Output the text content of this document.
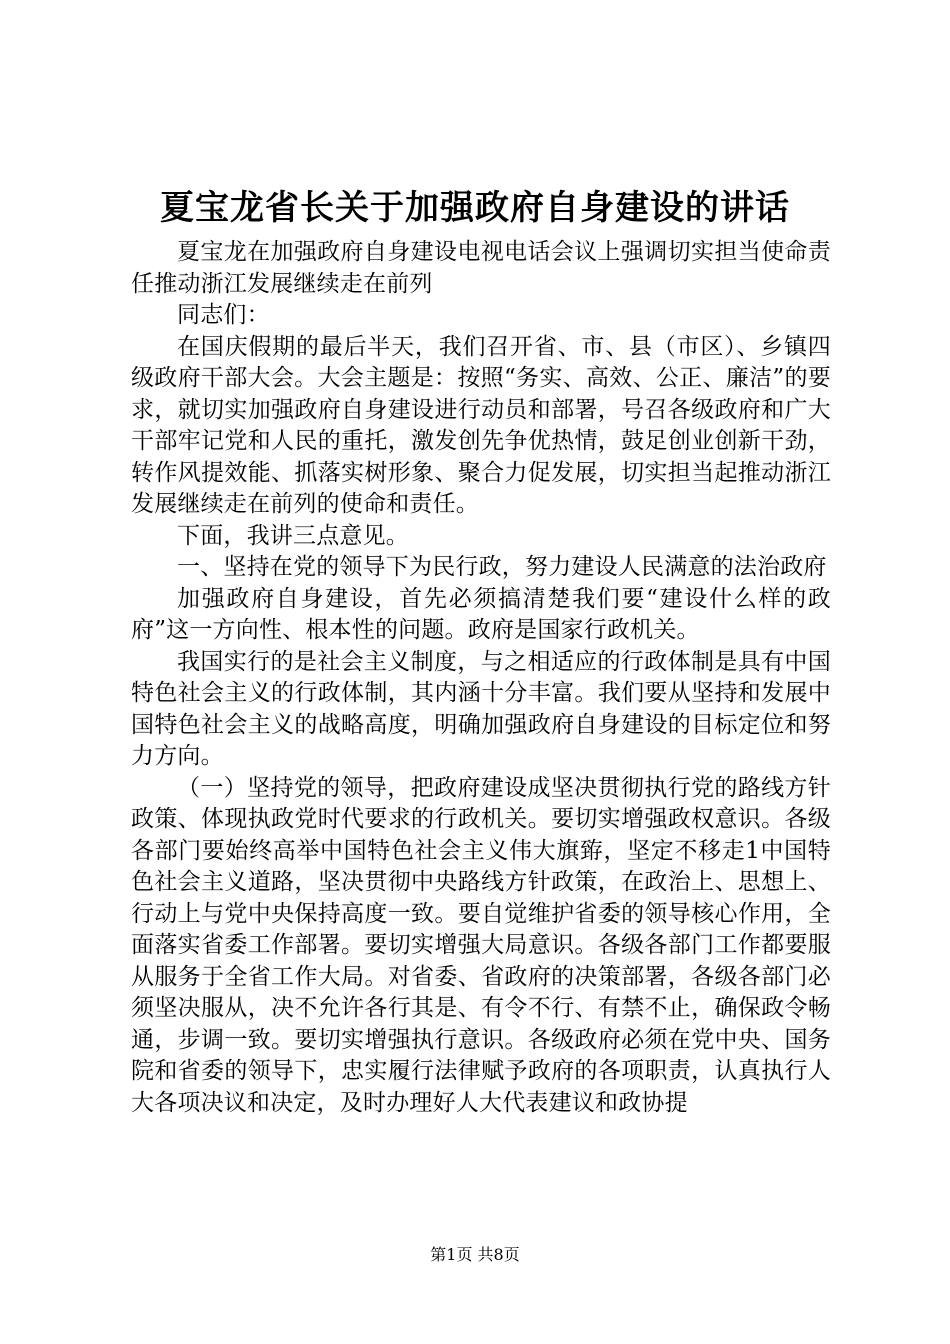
夏宝龙省长关于加强政府自身建设的讲话

夏宝龙在加强政府自身建设电视电话会议上强调切实担当使命责任推动浙江发展继续走在前列

同志们：

在国庆假期的最后半天，我们召开省、市、县（市区）、乡镇四级政府干部大会。大会主题是：按照“务实、高效、公正、廉洁”的要求，就切实加强政府自身建设进行动员和部署，号召各级政府和广大干部牢记党和人民的重托，激发创先争优热情，鼓足创业创新干劲，转作风提效能、抓落实树形象、聚合力促发展，切实担当起推动浙江发展继续走在前列的使命和责任。

下面，我讲三点意见。

一、坚持在党的领导下为民行政，努力建设人民满意的法治政府

加强政府自身建设，首先必须搞清楚我们要“建设什么样的政府”这一方向性、根本性的问题。政府是国家行政机关。

我国实行的是社会主义制度，与之相适应的行政体制是具有中国特色社会主义的行政体制，其内涵十分丰富。我们要从坚持和发展中国特色社会主义的战略高度，明确加强政府自身建设的目标定位和努力方向。

（一）坚持党的领导，把政府建设成坚决贯彻执行党的路线方针政策、体现执政党时代要求的行政机关。要切实增强政权意识。各级各部门要始终高举中国特色社会主义伟大旗臶，坚定不移走1中国特色社会主义道路，坚决贯彻中央路线方针政策，在政治上、思想上、行动上与党中央保持高度一致。要自觉维护省委的领导核心作用，全面落实省委工作部署。要切实增强大局意识。各级各部门工作都要服从服务于全省工作大局。对省委、省政府的决策部署，各级各部门必须坚决服从，决不允许各行其是、有令不行、有禁不止，确保政令畅通，步调一致。要切实增强执行意识。各级政府必须在党中央、国务院和省委的领导下，忠实履行法律赋予政府的各项职责，认真执行人大各项决议和决定，及时办理好人大代表建议和政协提

第1页 共8页
